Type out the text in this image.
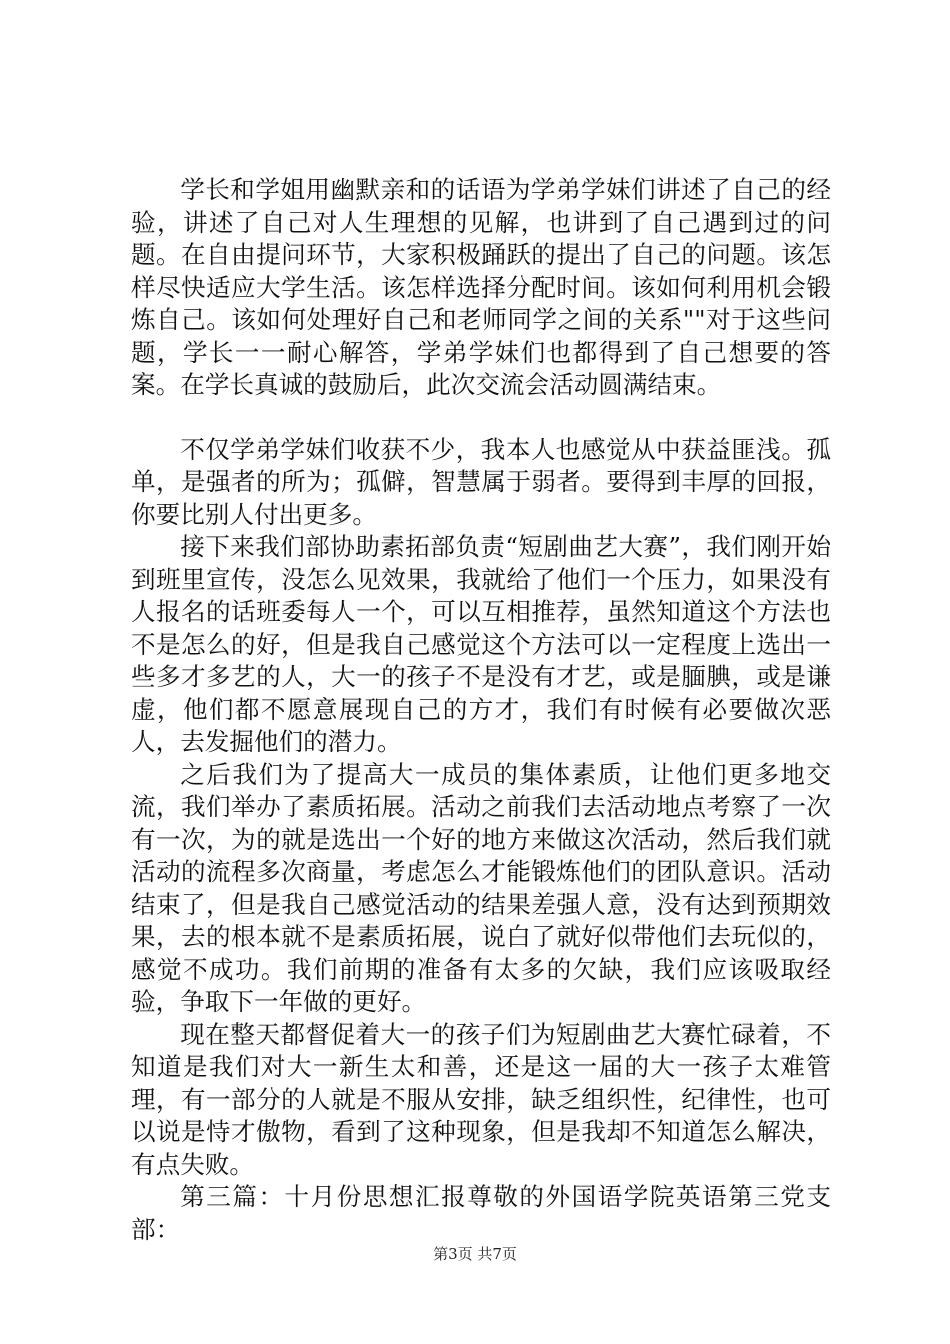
学长和学姐用幽默亲和的话语为学弟学妹们讲述了自己的经验，讲述了自己对人生理想的见解，也讲到了自己遇到过的问题。在自由提问环节，大家积极踊跃的提出了自己的问题。该怎样尽快适应大学生活。该怎样选择分配时间。该如何利用机会锻炼自己。该如何处理好自己和老师同学之间的关系""对于这些问题，学长一一耐心解答，学弟学妹们也都得到了自己想要的答案。在学长真诚的鼓励后，此次交流会活动圆满结束。

不仅学弟学妹们收获不少，我本人也感觉从中获益匪浅。孤单，是强者的所为；孤僻，智慧属于弱者。要得到丰厚的回报，你要比别人付出更多。

接下来我们部协助素拓部负责“短剧曲艺大赛”，我们刚开始到班里宣传，没怎么见效果，我就给了他们一个压力，如果没有人报名的话班委每人一个，可以互相推荐，虽然知道这个方法也不是怎么的好，但是我自己感觉这个方法可以一定程度上选出一些多才多艺的人，大一的孩子不是没有才艺，或是腼腆，或是谦虚，他们都不愿意展现自己的方才，我们有时候有必要做次恶人，去发掘他们的潜力。

之后我们为了提高大一成员的集体素质，让他们更多地交流，我们举办了素质拓展。活动之前我们去活动地点考察了一次有一次，为的就是选出一个好的地方来做这次活动，然后我们就活动的流程多次商量，考虑怎么才能锻炼他们的团队意识。活动结束了，但是我自己感觉活动的结果差强人意，没有达到预期效果，去的根本就不是素质拓展，说白了就好似带他们去玩似的，感觉不成功。我们前期的准备有太多的欠缺，我们应该吸取经验，争取下一年做的更好。

现在整天都督促着大一的孩子们为短剧曲艺大赛忙碌着，不知道是我们对大一新生太和善，还是这一届的大一孩子太难管理，有一部分的人就是不服从安排，缺乏组织性，纪律性，也可以说是恃才傲物，看到了这种现象，但是我却不知道怎么解决，有点失败。

第三篇：十月份思想汇报尊敬的外国语学院英语第三党支部：

第3页 共7页
